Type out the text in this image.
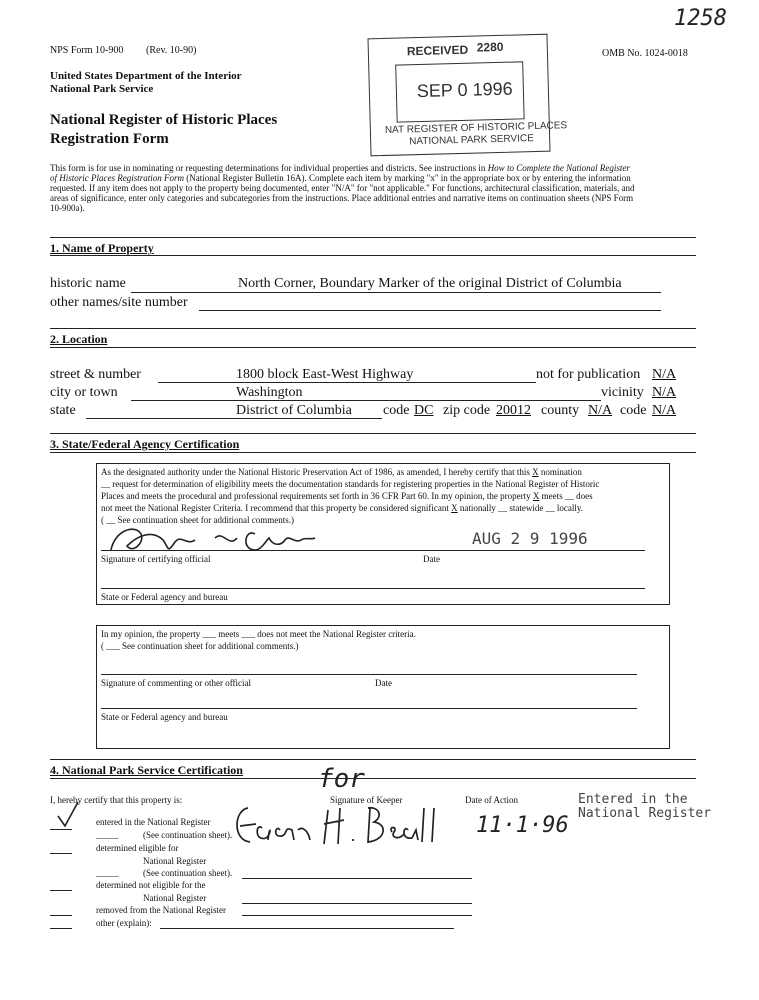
1258
NPS Form 10-900 (Rev. 10-90)	OMB No. 1024-0018
United States Department of the Interior
National Park Service
National Register of Historic Places
Registration Form
RECEIVED 2280
SEP 0 1996
NAT REGISTER OF HISTORIC PLACES
NATIONAL PARK SERVICE
This form is for use in nominating or requesting determinations for individual properties and districts. See instructions in How to Complete the National Register
of Historic Places Registration Form (National Register Bulletin 16A). Complete each item by marking "x" in the appropriate box or by entering the information
requested. If any item does not apply to the property being documented, enter "N/A" for "not applicable." For functions, architectural classification, materials, and
areas of significance, enter only categories and subcategories from the instructions. Place additional entries and narrative items on continuation sheets (NPS Form
10-900a).
1. Name of Property
historic name	North Corner, Boundary Marker of the original District of Columbia
other names/site number
2. Location
street & number	1800 block East-West Highway	not for publication N/A
city or town	Washington	vicinity N/A
state	District of Columbia code DC zip code 20012 county N/A code N/A
3. State/Federal Agency Certification
As the designated authority under the National Historic Preservation Act of 1986, as amended, I hereby certify that this X nomination
__ request for determination of eligibility meets the documentation standards for registering properties in the National Register of Historic
Places and meets the procedural and professional requirements set forth in 36 CFR Part 60. In my opinion, the property X meets __ does
not meet the National Register Criteria. I recommend that this property be considered significant X nationally __ statewide __ locally.
( __ See continuation sheet for additional comments.)
AUG 2 9 1996
Signature of certifying official	Date
State or Federal agency and bureau
In my opinion, the property ___ meets ___ does not meet the National Register criteria.
( ___ See continuation sheet for additional comments.)
Signature of commenting or other official	Date
State or Federal agency and bureau
4. National Park Service Certification	for
I, hereby certify that this property is:	Signature of Keeper	Date of Action	Entered in the
National Register
11·1·96
entered in the National Register
_____	(See continuation sheet).
determined eligible for
National Register
_____	(See continuation sheet).
determined not eligible for the
National Register
removed from the National Register
other (explain):
